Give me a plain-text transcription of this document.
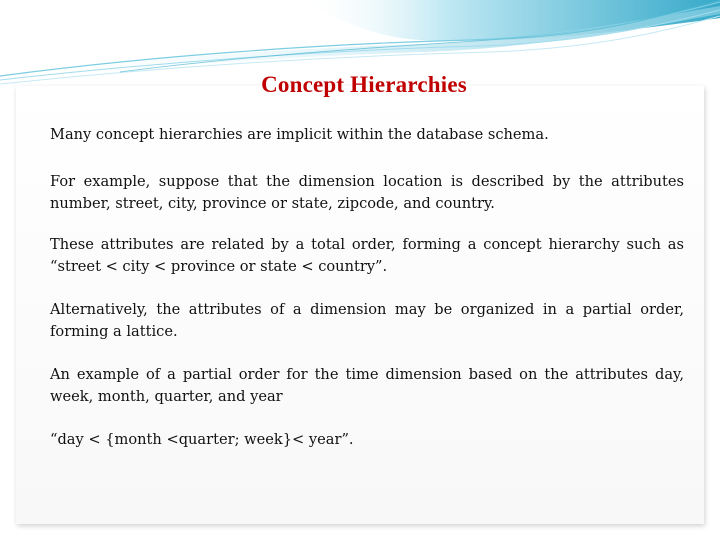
Concept Hierarchies

Many concept hierarchies are implicit within the database schema.

For example, suppose that the dimension location is described by the attributes number, street, city, province or state, zipcode, and country.

These attributes are related by a total order, forming a concept hierarchy such as “street < city < province or state < country”.

Alternatively, the attributes of a dimension may be organized in a partial order, forming a lattice.

An example of a partial order for the time dimension based on the attributes day, week, month, quarter, and year

“day < {month <quarter; week}< year”.
